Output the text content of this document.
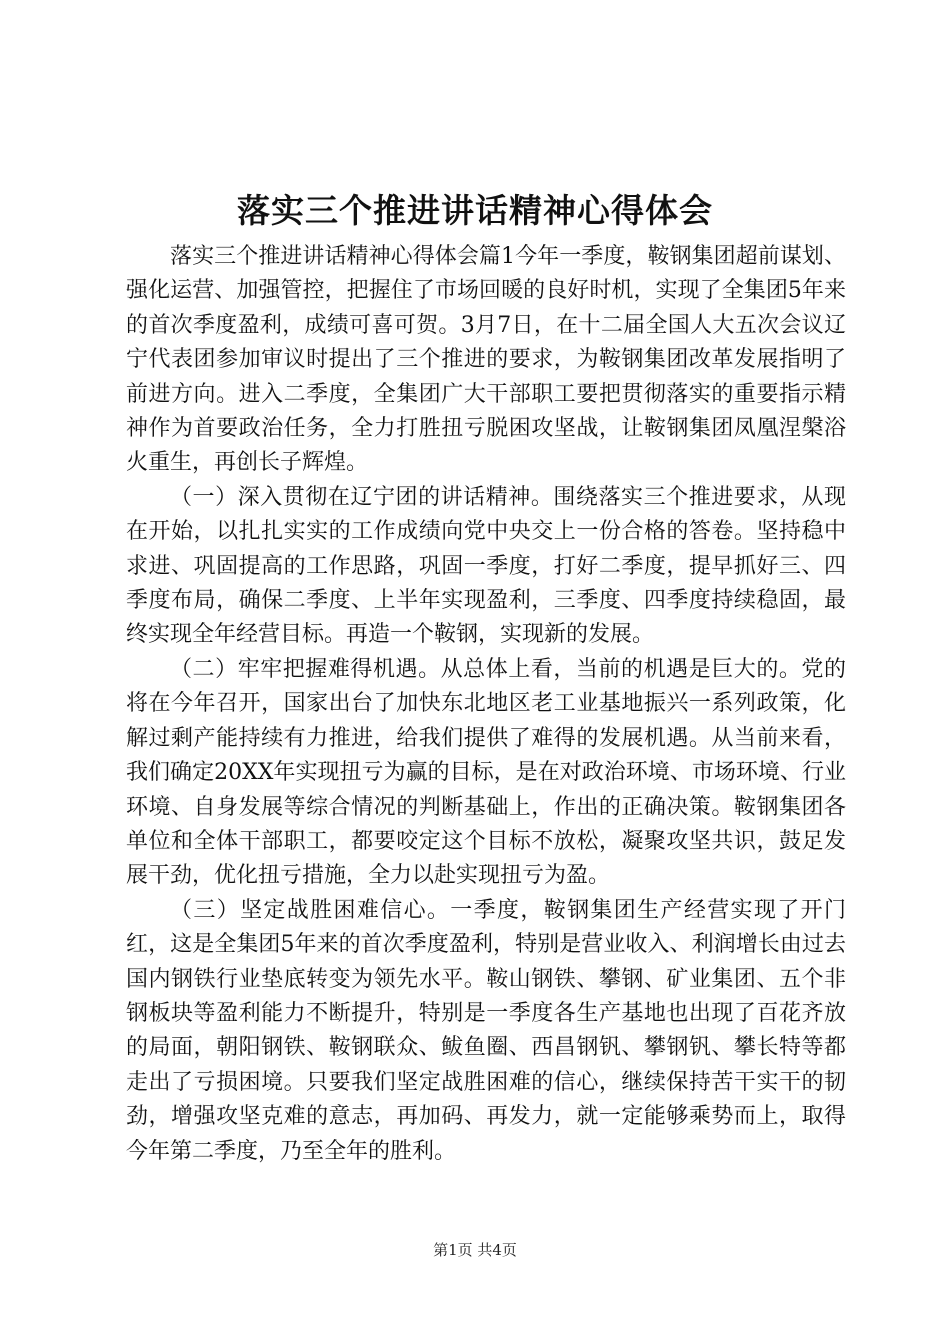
落实三个推进讲话精神心得体会

落实三个推进讲话精神心得体会篇1今年一季度，鞍钢集团超前谋划、强化运营、加强管控，把握住了市场回暖的良好时机，实现了全集团5年来的首次季度盈利，成绩可喜可贺。3月7日，在十二届全国人大五次会议辽宁代表团参加审议时提出了三个推进的要求，为鞍钢集团改革发展指明了前进方向。进入二季度，全集团广大干部职工要把贯彻落实的重要指示精神作为首要政治任务，全力打胜扭亏脱困攻坚战，让鞍钢集团凤凰涅槃浴火重生，再创长子辉煌。

（一）深入贯彻在辽宁团的讲话精神。围绕落实三个推进要求，从现在开始，以扎扎实实的工作成绩向党中央交上一份合格的答卷。坚持稳中求进、巩固提高的工作思路，巩固一季度，打好二季度，提早抓好三、四季度布局，确保二季度、上半年实现盈利，三季度、四季度持续稳固，最终实现全年经营目标。再造一个鞍钢，实现新的发展。

（二）牢牢把握难得机遇。从总体上看，当前的机遇是巨大的。党的将在今年召开，国家出台了加快东北地区老工业基地振兴一系列政策，化解过剩产能持续有力推进，给我们提供了难得的发展机遇。从当前来看，我们确定20XX年实现扭亏为赢的目标，是在对政治环境、市场环境、行业环境、自身发展等综合情况的判断基础上，作出的正确决策。鞍钢集团各单位和全体干部职工，都要咬定这个目标不放松，凝聚攻坚共识，鼓足发展干劲，优化扭亏措施，全力以赴实现扭亏为盈。

（三）坚定战胜困难信心。一季度，鞍钢集团生产经营实现了开门红，这是全集团5年来的首次季度盈利，特别是营业收入、利润增长由过去国内钢铁行业垫底转变为领先水平。鞍山钢铁、攀钢、矿业集团、五个非钢板块等盈利能力不断提升，特别是一季度各生产基地也出现了百花齐放的局面，朝阳钢铁、鞍钢联众、鲅鱼圈、西昌钢钒、攀钢钒、攀长特等都走出了亏损困境。只要我们坚定战胜困难的信心，继续保持苦干实干的韧劲，增强攻坚克难的意志，再加码、再发力，就一定能够乘势而上，取得今年第二季度，乃至全年的胜利。

第1页 共4页
